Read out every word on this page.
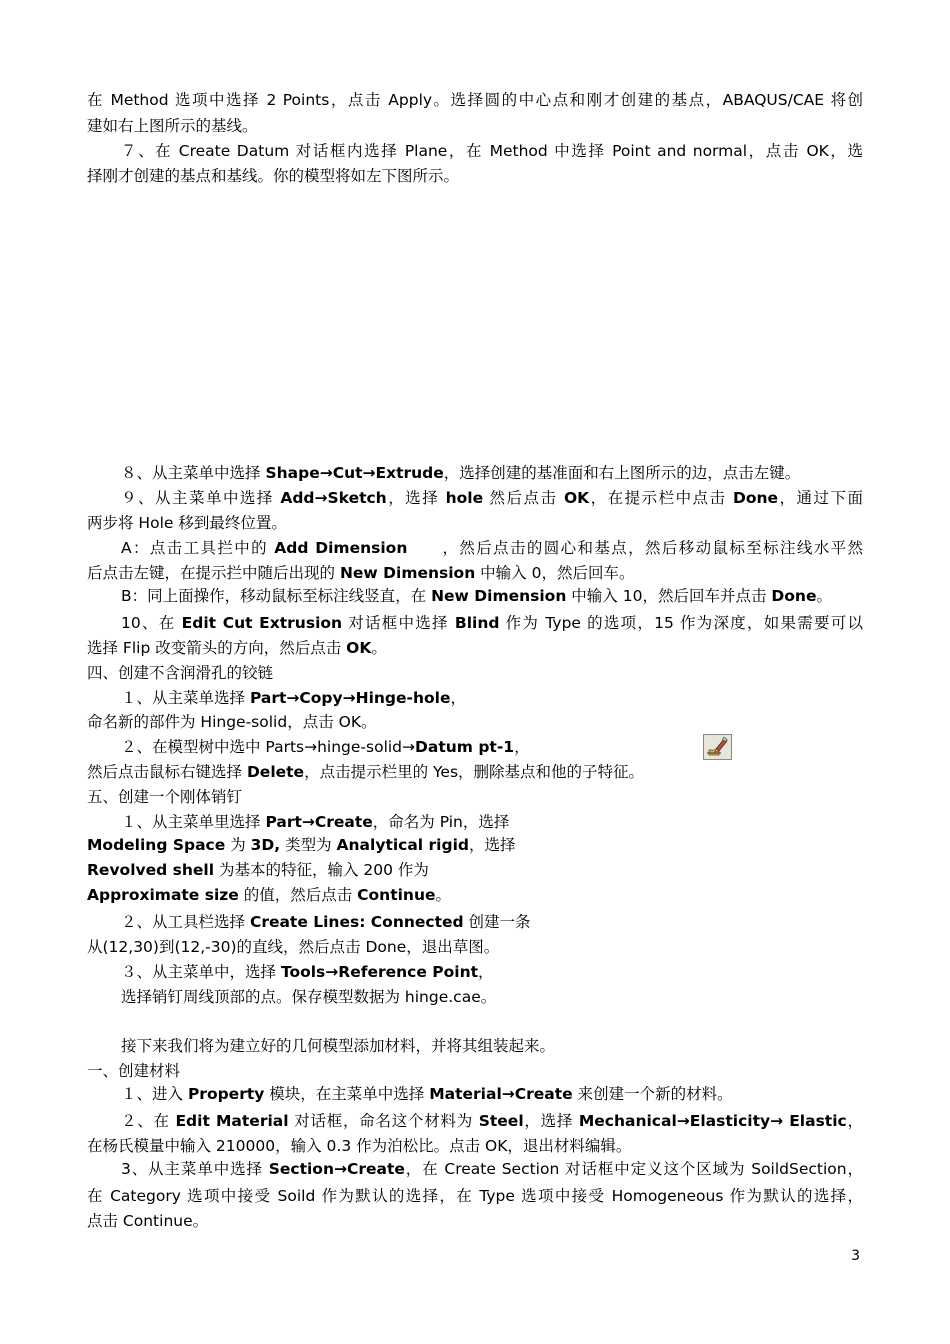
在 Method 选项中选择 2 Points，点击 Apply。选择圆的中心点和刚才创建的基点，ABAQUS/CAE 将创
建如右上图所示的基线。
７、在 Create Datum 对话框内选择 Plane，在 Method 中选择 Point and normal，点击 OK，选
择刚才创建的基点和基线。你的模型将如左下图所示。
８、从主菜单中选择 Shape→Cut→Extrude，选择创建的基准面和右上图所示的边，点击左键。
９、从主菜单中选择 Add→Sketch，选择 hole 然后点击 OK，在提示栏中点击 Done，通过下面
两步将 Hole 移到最终位置。
A：点击工具拦中的 Add Dimension　　，然后点击的圆心和基点，然后移动鼠标至标注线水平然
后点击左键，在提示拦中随后出现的 New Dimension 中输入 0，然后回车。
B：同上面操作，移动鼠标至标注线竖直，在 New Dimension 中输入 10，然后回车并点击 Done。
10、在 Edit Cut Extrusion 对话框中选择 Blind 作为 Type 的选项，15 作为深度，如果需要可以
选择 Flip 改变箭头的方向，然后点击 OK。
四、创建不含润滑孔的铰链
１、从主菜单选择 Part→Copy→Hinge-hole，
命名新的部件为 Hinge-solid，点击 OK。
２、在模型树中选中 Parts→hinge-solid→Datum pt-1，
然后点击鼠标右键选择 Delete，点击提示栏里的 Yes，删除基点和他的子特征。
五、创建一个刚体销钉
１、从主菜单里选择 Part→Create，命名为 Pin，选择
Modeling Space 为 3D, 类型为 Analytical rigid，选择
Revolved shell 为基本的特征，输入 200 作为
Approximate size 的值，然后点击 Continue。
２、从工具栏选择 Create Lines: Connected 创建一条
从(12,30)到(12,-30)的直线，然后点击 Done，退出草图。
３、从主菜单中，选择 Tools→Reference Point，
选择销钉周线顶部的点。保存模型数据为 hinge.cae。
接下来我们将为建立好的几何模型添加材料，并将其组装起来。
一、创建材料
１、进入 Property 模块，在主菜单中选择 Material→Create 来创建一个新的材料。
２、在 Edit Material 对话框，命名这个材料为 Steel，选择 Mechanical→Elasticity→ Elastic，
在杨氏模量中输入 210000，输入 0.3 作为泊松比。点击 OK，退出材料编辑。
3、从主菜单中选择 Section→Create，在 Create Section 对话框中定义这个区域为 SoildSection，
在 Category 选项中接受 Soild 作为默认的选择，在 Type 选项中接受 Homogeneous 作为默认的选择，
点击 Continue。
3
